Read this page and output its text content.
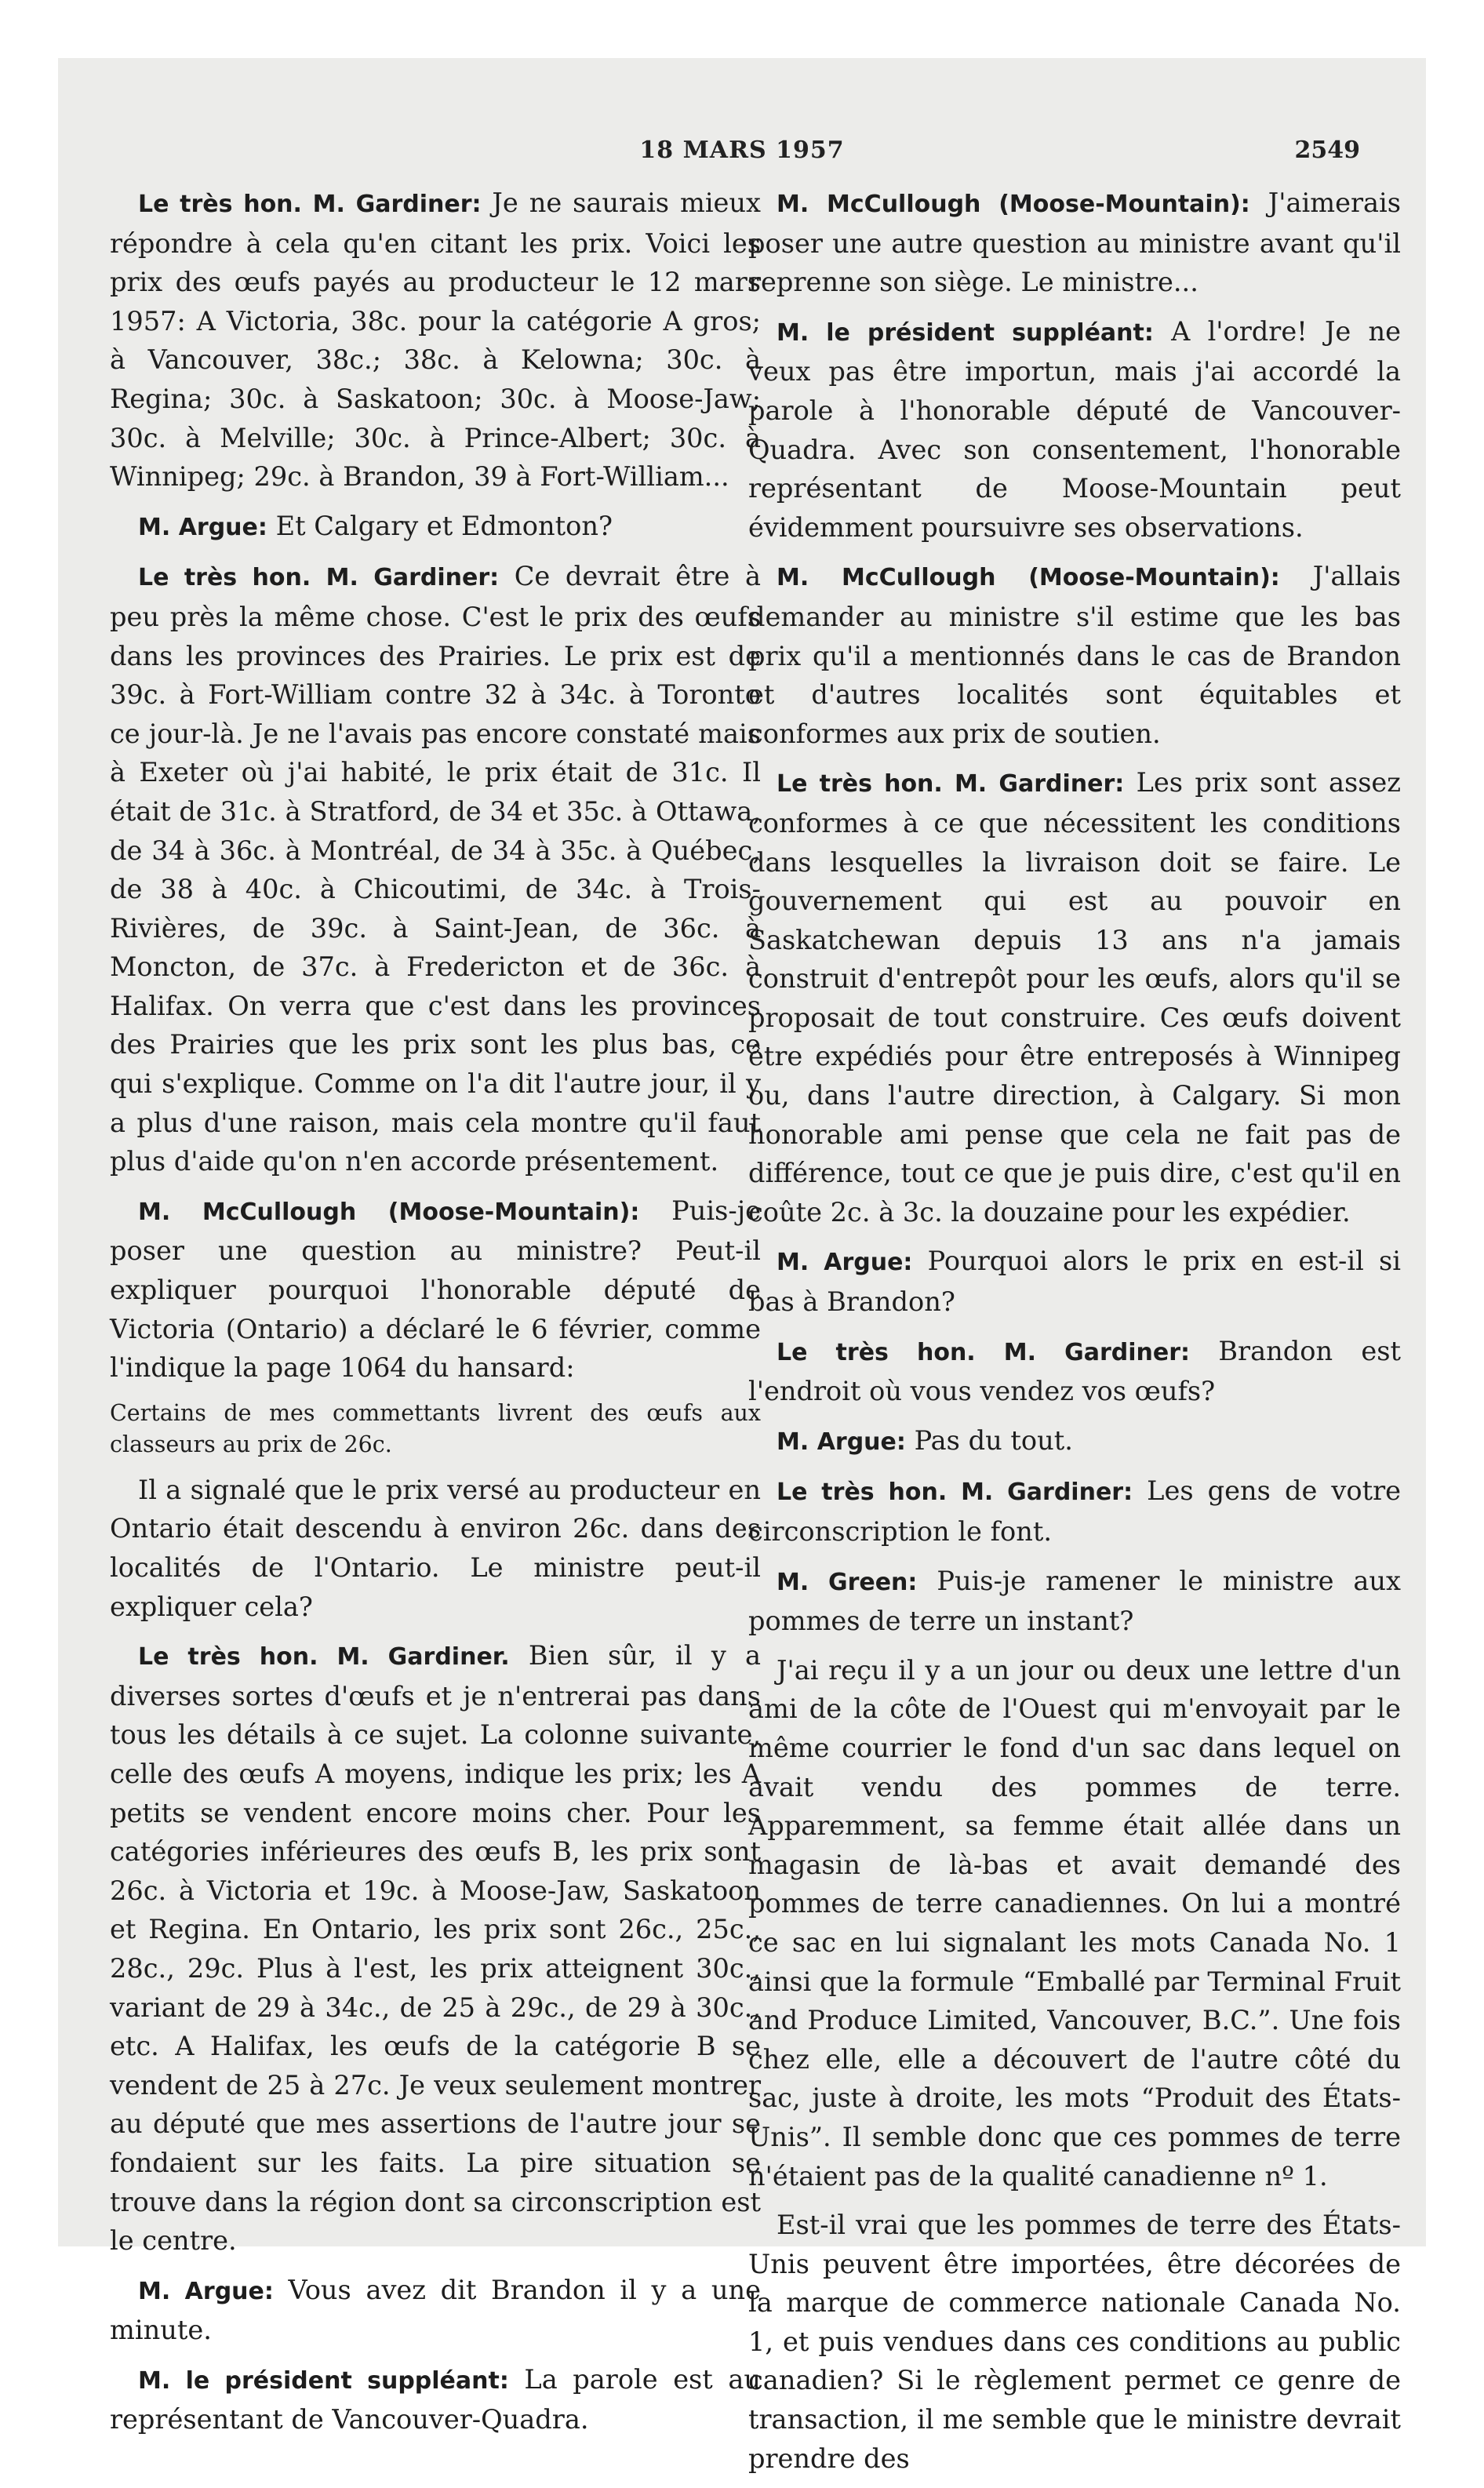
18 MARS 1957	2549

Le très hon. M. Gardiner: Je ne saurais mieux répondre à cela qu'en citant les prix. Voici les prix des œufs payés au producteur le 12 mars 1957: A Victoria, 38c. pour la catégorie A gros; à Vancouver, 38c.; 38c. à Kelowna; 30c. à Regina; 30c. à Saskatoon; 30c. à Moose-Jaw; 30c. à Melville; 30c. à Prince-Albert; 30c. à Winnipeg; 29c. à Brandon, 39 à Fort-William...

M. Argue: Et Calgary et Edmonton?

Le très hon. M. Gardiner: Ce devrait être à peu près la même chose. C'est le prix des œufs dans les provinces des Prairies. Le prix est de 39c. à Fort-William contre 32 à 34c. à Toronto ce jour-là. Je ne l'avais pas encore constaté mais à Exeter où j'ai habité, le prix était de 31c. Il était de 31c. à Stratford, de 34 et 35c. à Ottawa, de 34 à 36c. à Montréal, de 34 à 35c. à Québec, de 38 à 40c. à Chicoutimi, de 34c. à Trois-Rivières, de 39c. à Saint-Jean, de 36c. à Moncton, de 37c. à Fredericton et de 36c. à Halifax. On verra que c'est dans les provinces des Prairies que les prix sont les plus bas, ce qui s'explique. Comme on l'a dit l'autre jour, il y a plus d'une raison, mais cela montre qu'il faut plus d'aide qu'on n'en accorde présentement.

M. McCullough (Moose-Mountain): Puis-je poser une question au ministre? Peut-il expliquer pourquoi l'honorable député de Victoria (Ontario) a déclaré le 6 février, comme l'indique la page 1064 du hansard:

Certains de mes commettants livrent des œufs aux classeurs au prix de 26c.

Il a signalé que le prix versé au producteur en Ontario était descendu à environ 26c. dans des localités de l'Ontario. Le ministre peut-il expliquer cela?

Le très hon. M. Gardiner. Bien sûr, il y a diverses sortes d'œufs et je n'entrerai pas dans tous les détails à ce sujet. La colonne suivante, celle des œufs A moyens, indique les prix; les A petits se vendent encore moins cher. Pour les catégories inférieures des œufs B, les prix sont 26c. à Victoria et 19c. à Moose-Jaw, Saskatoon et Regina. En Ontario, les prix sont 26c., 25c., 28c., 29c. Plus à l'est, les prix atteignent 30c., variant de 29 à 34c., de 25 à 29c., de 29 à 30c., etc. A Halifax, les œufs de la catégorie B se vendent de 25 à 27c. Je veux seulement montrer au député que mes assertions de l'autre jour se fondaient sur les faits. La pire situation se trouve dans la région dont sa circonscription est le centre.

M. Argue: Vous avez dit Brandon il y a une minute.

M. le président suppléant: La parole est au représentant de Vancouver-Quadra.

M. McCullough (Moose-Mountain): J'aimerais poser une autre question au ministre avant qu'il reprenne son siège. Le ministre...

M. le président suppléant: A l'ordre! Je ne veux pas être importun, mais j'ai accordé la parole à l'honorable député de Vancouver-Quadra. Avec son consentement, l'honorable représentant de Moose-Mountain peut évidemment poursuivre ses observations.

M. McCullough (Moose-Mountain): J'allais demander au ministre s'il estime que les bas prix qu'il a mentionnés dans le cas de Brandon et d'autres localités sont équitables et conformes aux prix de soutien.

Le très hon. M. Gardiner: Les prix sont assez conformes à ce que nécessitent les conditions dans lesquelles la livraison doit se faire. Le gouvernement qui est au pouvoir en Saskatchewan depuis 13 ans n'a jamais construit d'entrepôt pour les œufs, alors qu'il se proposait de tout construire. Ces œufs doivent être expédiés pour être entreposés à Winnipeg ou, dans l'autre direction, à Calgary. Si mon honorable ami pense que cela ne fait pas de différence, tout ce que je puis dire, c'est qu'il en coûte 2c. à 3c. la douzaine pour les expédier.

M. Argue: Pourquoi alors le prix en est-il si bas à Brandon?

Le très hon. M. Gardiner: Brandon est l'endroit où vous vendez vos œufs?

M. Argue: Pas du tout.

Le très hon. M. Gardiner: Les gens de votre circonscription le font.

M. Green: Puis-je ramener le ministre aux pommes de terre un instant?

J'ai reçu il y a un jour ou deux une lettre d'un ami de la côte de l'Ouest qui m'envoyait par le même courrier le fond d'un sac dans lequel on avait vendu des pommes de terre. Apparemment, sa femme était allée dans un magasin de là-bas et avait demandé des pommes de terre canadiennes. On lui a montré ce sac en lui signalant les mots Canada No. 1 ainsi que la formule “Emballé par Terminal Fruit and Produce Limited, Vancouver, B.C.”. Une fois chez elle, elle a découvert de l'autre côté du sac, juste à droite, les mots “Produit des États-Unis”. Il semble donc que ces pommes de terre n'étaient pas de la qualité canadienne nº 1.

Est-il vrai que les pommes de terre des États-Unis peuvent être importées, être décorées de la marque de commerce nationale Canada No. 1, et puis vendues dans ces conditions au public canadien? Si le règlement permet ce genre de transaction, il me semble que le ministre devrait prendre des
